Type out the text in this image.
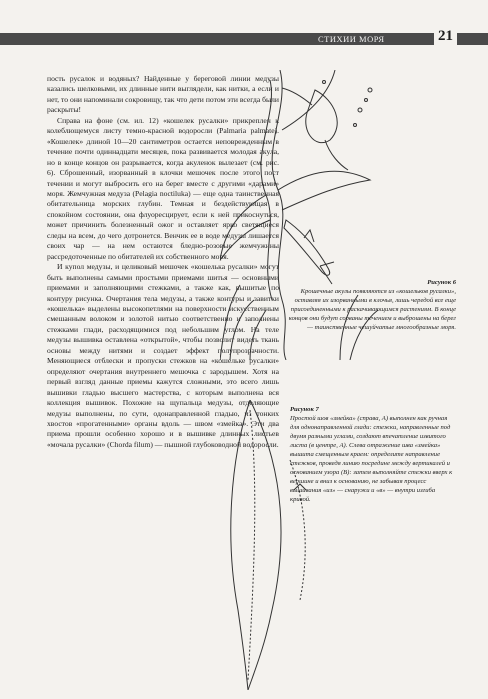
СТИХИИ МОРЯ	21

пость русалок и водяных? Найденные у береговой линии медузы казались шелковыми, их длинные нити выглядели, как нитки, а если и нет, то они напоминали сокровищу, так что дети потом эти всегда были раскрыты!

Справа на фоне (см. ил. 12) «кошелек русалки» прикреплен к колеблющемуся листу темно-красной водоросли (Palmaria palmate). «Кошелек» длиной 10—20 сантиметров остается неповрежденным в течение почти одиннадцати месяцев, пока развивается молодая акула, но в конце концов он разрывается, когда акуленок вылезает (см. рис. 6). Сброшенный, изорванный в клочки мешочек после этого пост течении и могут выбросить его на берег вместе с другими «дарами» моря. Жемчужная медуза (Pelagia noctiluka) — еще одна таинственная обитательница морских глубин. Темная и бездействующая в спокойном состоянии, она флуоресцирует, если к ней прикоснуться, может причинить болезненный ожог и оставляет ярко светящиеся следы на всем, до чего дотронется. Венчик ее в воде медузы лишается своих чар — на нем остаются бледно-розовые жемчужины рассредоточенные по обитателей их собственного моря.

И купол медузы, и целиковый мешочек «кошелька русалки» могут быть выполнены самыми простыми приемами шитья — основными приемами и заполняющими стежками, а также как, вышитые по контуру рисунка. Очертания тела медузы, а также контуры и завитки «кошелька» выделены высокопетлями на поверхности искусственным смешанным волоком и золотой нитью соответственно и заполнены стежками глади, расходящимися под небольшим углом. На теле медузы вышивка оставлена «открытой», чтобы позволит видеть ткань основы между нитями и создает эффект полупрозрачности. Меняющиеся отблески и пропуски стежков на «кошельке русалки» определяют очертания внутреннего мешочка с зародышем. Хотя на первый взгляд данные приемы кажутся сложными, это всего лишь вышивки гладью высшего мастерства, с которым выполнена вся коллекция вышивок. Похожие на щупальца медузы, отделяющие медузы выполнены, по сути, одонаправленной гладью, из тонких хвостов «прогатенными» органы вдоль — швом «змейка». Эти два приема прошли особенно хорошо и в вышивке длинных листьев «мочала русалки» (Chorda filum) — пышной глубоководной водоросли.

Рисунок 6
Крошечные акулы появляются из «кошельков русалки», оставляя их изорванными в клочья, лишь чередой все еще присоединенными к раскачивающимся растениям. В конце концов они будут сорваны течением и выброшены на берег — таинственные чешуйчатые многообразные моря.
Рисунок 7
Простой шов «змейка» (справа, А) выполнен как ручная для однонаправленной глади: стежки, направленные под двумя разными углами, создают впечатление извитого листа (в центре, А). Слева отражение шва «змейка» вышита смещенным краем: определите направление стежков, проведя линию посредине между вертикалей и основанием узора (В): затем выполняйте стежки вверх к вершине и вниз к основанию, не забывая процесс вышивания «из» — снаружи и «в» — внутри изгиба кривой.
